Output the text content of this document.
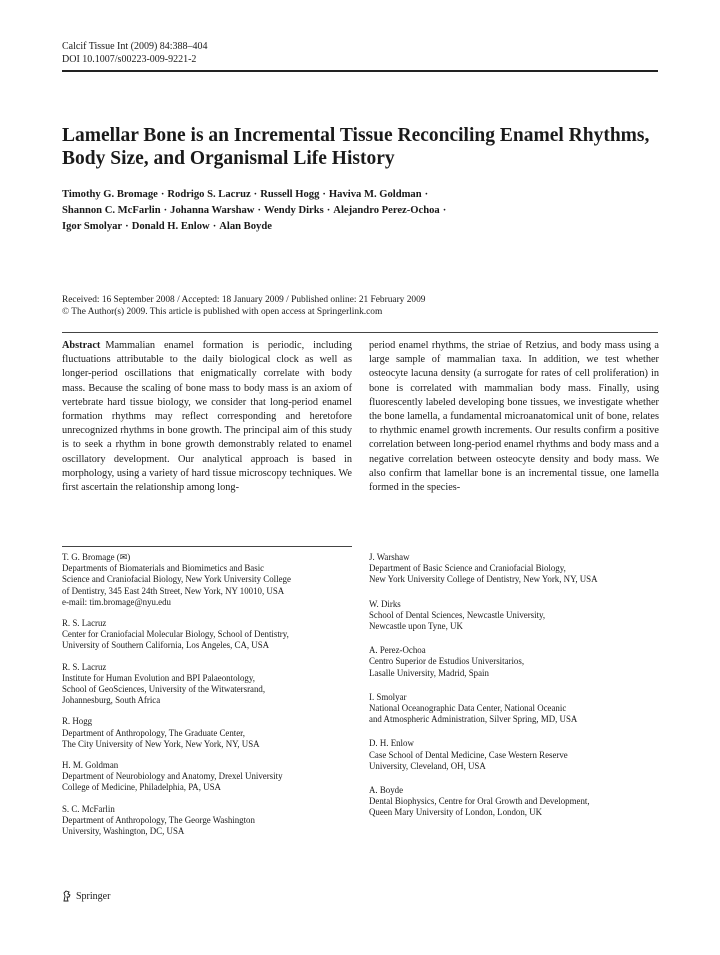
Calcif Tissue Int (2009) 84:388–404
DOI 10.1007/s00223-009-9221-2
Lamellar Bone is an Incremental Tissue Reconciling Enamel Rhythms, Body Size, and Organismal Life History
Timothy G. Bromage · Rodrigo S. Lacruz · Russell Hogg · Haviva M. Goldman ·
Shannon C. McFarlin · Johanna Warshaw · Wendy Dirks · Alejandro Perez-Ochoa ·
Igor Smolyar · Donald H. Enlow · Alan Boyde
Received: 16 September 2008 / Accepted: 18 January 2009 / Published online: 21 February 2009
© The Author(s) 2009. This article is published with open access at Springerlink.com
Abstract Mammalian enamel formation is periodic, including fluctuations attributable to the daily biological clock as well as longer-period oscillations that enigmatically correlate with body mass. Because the scaling of bone mass to body mass is an axiom of vertebrate hard tissue biology, we consider that long-period enamel formation rhythms may reflect corresponding and heretofore unrecognized rhythms in bone growth. The principal aim of this study is to seek a rhythm in bone growth demonstrably related to enamel oscillatory development. Our analytical approach is based in morphology, using a variety of hard tissue microscopy techniques. We first ascertain the relationship among long-
period enamel rhythms, the striae of Retzius, and body mass using a large sample of mammalian taxa. In addition, we test whether osteocyte lacuna density (a surrogate for rates of cell proliferation) in bone is correlated with mammalian body mass. Finally, using fluorescently labeled developing bone tissues, we investigate whether the bone lamella, a fundamental microanatomical unit of bone, relates to rhythmic enamel growth increments. Our results confirm a positive correlation between long-period enamel rhythms and body mass and a negative correlation between osteocyte density and body mass. We also confirm that lamellar bone is an incremental tissue, one lamella formed in the species-
T. G. Bromage (✉)
Departments of Biomaterials and Biomimetics and Basic
Science and Craniofacial Biology, New York University College
of Dentistry, 345 East 24th Street, New York, NY 10010, USA
e-mail: tim.bromage@nyu.edu
R. S. Lacruz
Center for Craniofacial Molecular Biology, School of Dentistry,
University of Southern California, Los Angeles, CA, USA
R. S. Lacruz
Institute for Human Evolution and BPI Palaeontology,
School of GeoSciences, University of the Witwatersrand,
Johannesburg, South Africa
R. Hogg
Department of Anthropology, The Graduate Center,
The City University of New York, New York, NY, USA
H. M. Goldman
Department of Neurobiology and Anatomy, Drexel University
College of Medicine, Philadelphia, PA, USA
S. C. McFarlin
Department of Anthropology, The George Washington
University, Washington, DC, USA
J. Warshaw
Department of Basic Science and Craniofacial Biology,
New York University College of Dentistry, New York, NY, USA
W. Dirks
School of Dental Sciences, Newcastle University,
Newcastle upon Tyne, UK
A. Perez-Ochoa
Centro Superior de Estudios Universitarios,
Lasalle University, Madrid, Spain
I. Smolyar
National Oceanographic Data Center, National Oceanic
and Atmospheric Administration, Silver Spring, MD, USA
D. H. Enlow
Case School of Dental Medicine, Case Western Reserve
University, Cleveland, OH, USA
A. Boyde
Dental Biophysics, Centre for Oral Growth and Development,
Queen Mary University of London, London, UK
Springer
